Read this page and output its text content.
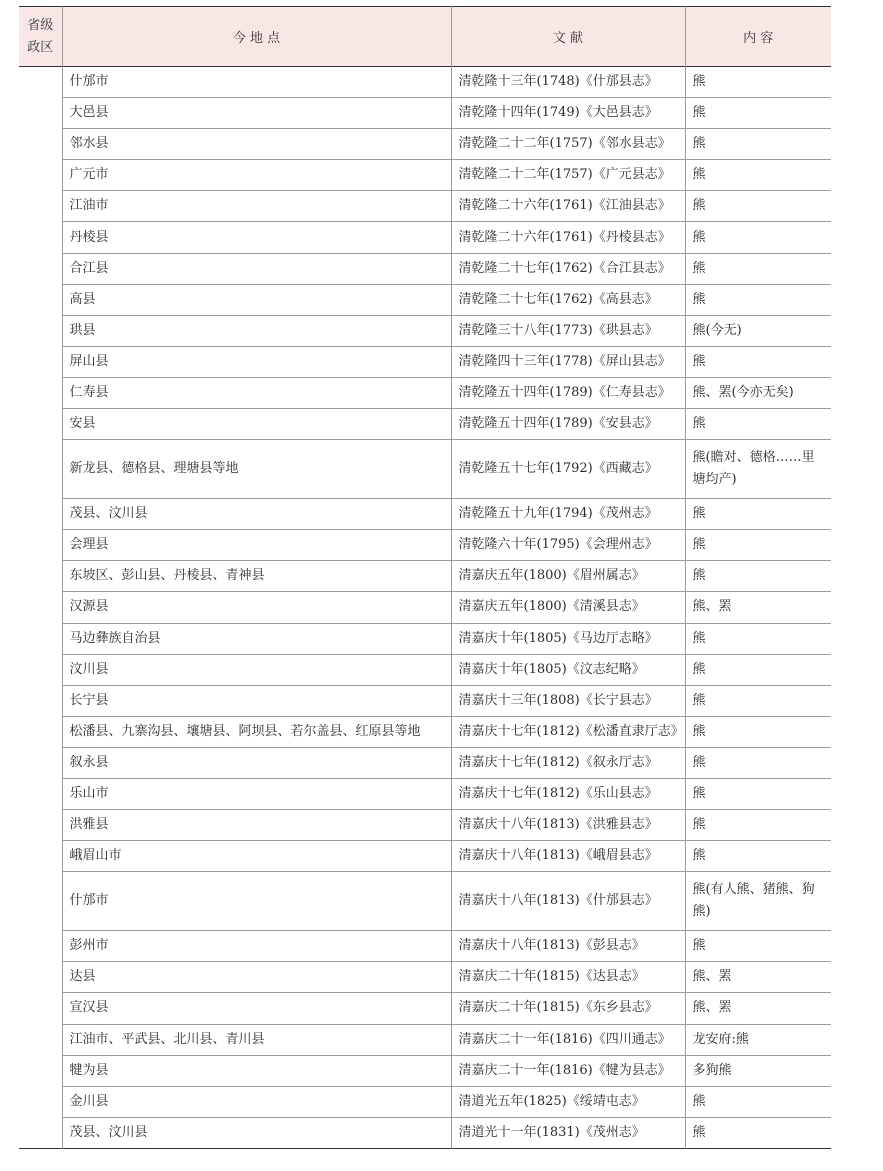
省级政区	今 地 点	文 献	内 容
	什邡市	清乾隆十三年(1748)《什邡县志》	熊
	大邑县	清乾隆十四年(1749)《大邑县志》	熊
	邻水县	清乾隆二十二年(1757)《邻水县志》	熊
	广元市	清乾隆二十二年(1757)《广元县志》	熊
	江油市	清乾隆二十六年(1761)《江油县志》	熊
	丹棱县	清乾隆二十六年(1761)《丹棱县志》	熊
	合江县	清乾隆二十七年(1762)《合江县志》	熊
	高县	清乾隆二十七年(1762)《高县志》	熊
	珙县	清乾隆三十八年(1773)《珙县志》	熊(今无)
	屏山县	清乾隆四十三年(1778)《屏山县志》	熊
	仁寿县	清乾隆五十四年(1789)《仁寿县志》	熊、罴(今亦无矣)
	安县	清乾隆五十四年(1789)《安县志》	熊
	新龙县、德格县、理塘县等地	清乾隆五十七年(1792)《西藏志》	熊(瞻对、德格……里塘均产)
	茂县、汶川县	清乾隆五十九年(1794)《茂州志》	熊
	会理县	清乾隆六十年(1795)《会理州志》	熊
	东坡区、彭山县、丹棱县、青神县	清嘉庆五年(1800)《眉州属志》	熊
	汉源县	清嘉庆五年(1800)《清溪县志》	熊、罴
	马边彝族自治县	清嘉庆十年(1805)《马边厅志略》	熊
	汶川县	清嘉庆十年(1805)《汶志纪略》	熊
	长宁县	清嘉庆十三年(1808)《长宁县志》	熊
	松潘县、九寨沟县、壤塘县、阿坝县、若尔盖县、红原县等地	清嘉庆十七年(1812)《松潘直隶厅志》	熊
	叙永县	清嘉庆十七年(1812)《叙永厅志》	熊
	乐山市	清嘉庆十七年(1812)《乐山县志》	熊
	洪雅县	清嘉庆十八年(1813)《洪雅县志》	熊
	峨眉山市	清嘉庆十八年(1813)《峨眉县志》	熊
	什邡市	清嘉庆十八年(1813)《什邡县志》	熊(有人熊、猪熊、狗熊)
	彭州市	清嘉庆十八年(1813)《彭县志》	熊
	达县	清嘉庆二十年(1815)《达县志》	熊、罴
	宣汉县	清嘉庆二十年(1815)《东乡县志》	熊、罴
	江油市、平武县、北川县、青川县	清嘉庆二十一年(1816)《四川通志》	龙安府:熊
	犍为县	清嘉庆二十一年(1816)《犍为县志》	多狗熊
	金川县	清道光五年(1825)《绥靖屯志》	熊
	茂县、汶川县	清道光十一年(1831)《茂州志》	熊
